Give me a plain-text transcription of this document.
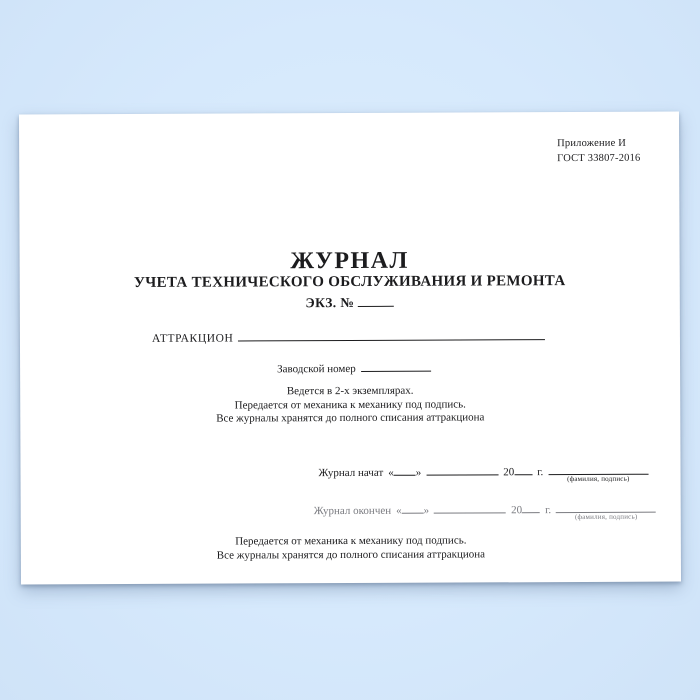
Приложение И
ГОСТ 33807-2016
ЖУРНАЛ
УЧЕТА ТЕХНИЧЕСКОГО ОБСЛУЖИВАНИЯ И РЕМОНТА
ЭКЗ. №
АТТРАКЦИОН
Заводской номер
Ведется в 2-х экземплярах.
Передается от механика к механику под подпись.
Все журналы хранятся до полного списания аттракциона
Журнал начат « »	20 г.
(фамилия, подпись)
Журнал окончен « »	20 г.
(фамилия, подпись)
Передается от механика к механику под подпись.
Все журналы хранятся до полного списания аттракциона
